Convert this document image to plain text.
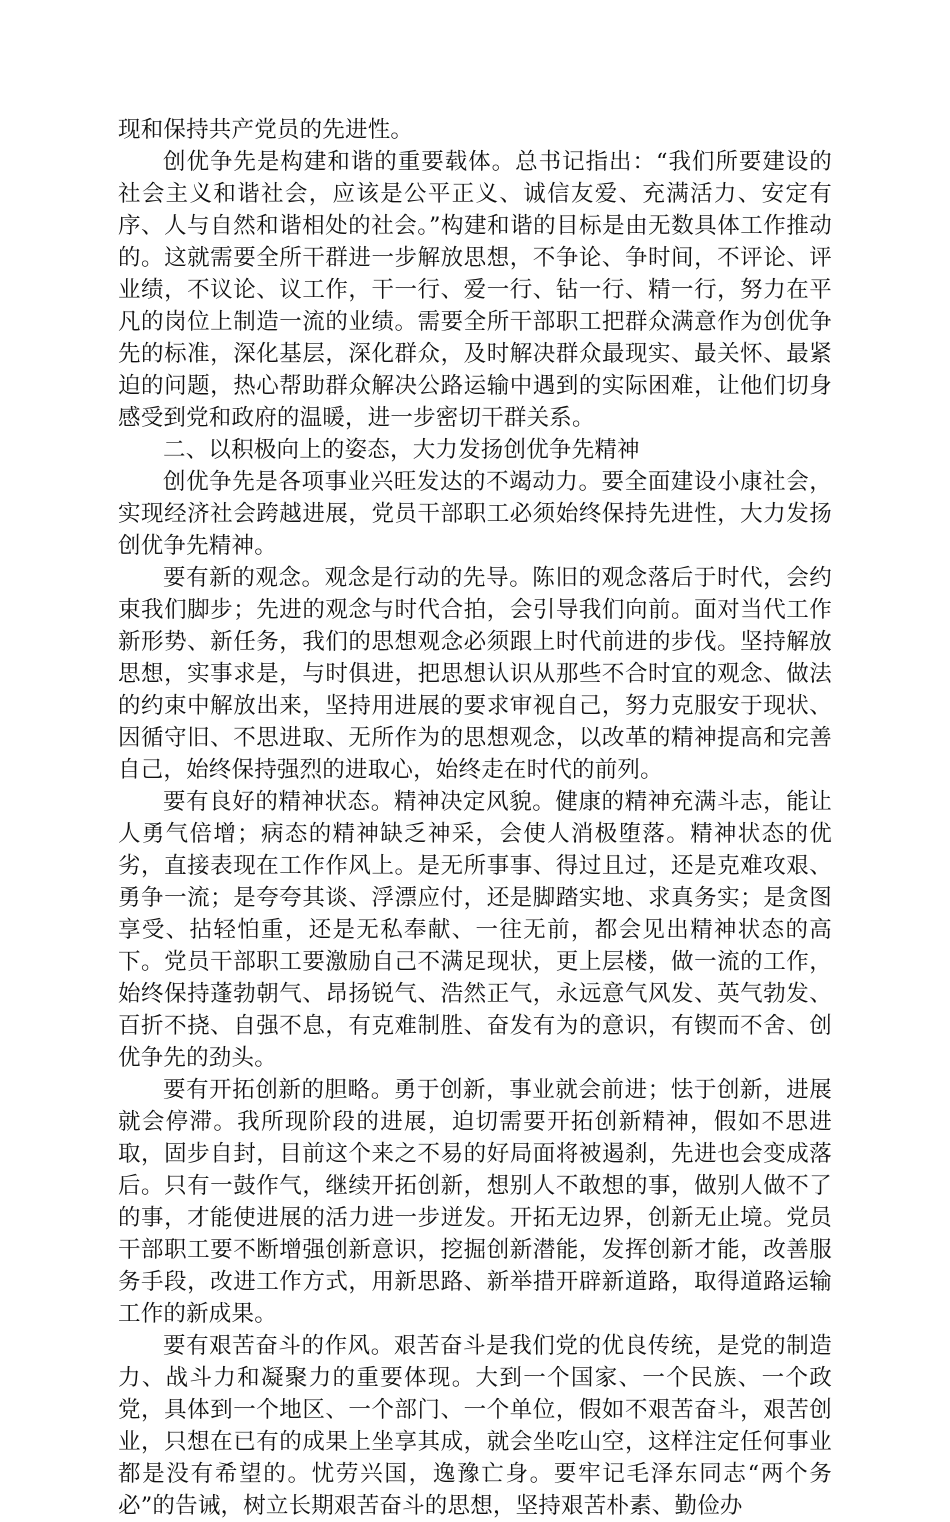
现和保持共产党员的先进性。

创优争先是构建和谐的重要载体。总书记指出：“我们所要建设的社会主义和谐社会，应该是公平正义、诚信友爱、充满活力、安定有序、人与自然和谐相处的社会。”构建和谐的目标是由无数具体工作推动的。这就需要全所干群进一步解放思想，不争论、争时间，不评论、评业绩，不议论、议工作，干一行、爱一行、钻一行、精一行，努力在平凡的岗位上制造一流的业绩。需要全所干部职工把群众满意作为创优争先的标准，深化基层，深化群众，及时解决群众最现实、最关怀、最紧迫的问题，热心帮助群众解决公路运输中遇到的实际困难，让他们切身感受到党和政府的温暖，进一步密切干群关系。

二、以积极向上的姿态，大力发扬创优争先精神

创优争先是各项事业兴旺发达的不竭动力。要全面建设小康社会，实现经济社会跨越进展，党员干部职工必须始终保持先进性，大力发扬创优争先精神。

要有新的观念。观念是行动的先导。陈旧的观念落后于时代，会约束我们脚步；先进的观念与时代合拍，会引导我们向前。面对当代工作新形势、新任务，我们的思想观念必须跟上时代前进的步伐。坚持解放思想，实事求是，与时俱进，把思想认识从那些不合时宜的观念、做法的约束中解放出来，坚持用进展的要求审视自己，努力克服安于现状、因循守旧、不思进取、无所作为的思想观念，以改革的精神提高和完善自己，始终保持强烈的进取心，始终走在时代的前列。

要有良好的精神状态。精神决定风貌。健康的精神充满斗志，能让人勇气倍增；病态的精神缺乏神采，会使人消极堕落。精神状态的优劣，直接表现在工作作风上。是无所事事、得过且过，还是克难攻艰、勇争一流；是夸夸其谈、浮漂应付，还是脚踏实地、求真务实；是贪图享受、拈轻怕重，还是无私奉献、一往无前，都会见出精神状态的高下。党员干部职工要激励自己不满足现状，更上层楼，做一流的工作，始终保持蓬勃朝气、昂扬锐气、浩然正气，永远意气风发、英气勃发、百折不挠、自强不息，有克难制胜、奋发有为的意识，有锲而不舍、创优争先的劲头。

要有开拓创新的胆略。勇于创新，事业就会前进；怯于创新，进展就会停滞。我所现阶段的进展，迫切需要开拓创新精神，假如不思进取，固步自封，目前这个来之不易的好局面将被遏刹，先进也会变成落后。只有一鼓作气，继续开拓创新，想别人不敢想的事，做别人做不了的事，才能使进展的活力进一步迸发。开拓无边界，创新无止境。党员干部职工要不断增强创新意识，挖掘创新潜能，发挥创新才能，改善服务手段，改进工作方式，用新思路、新举措开辟新道路，取得道路运输工作的新成果。

要有艰苦奋斗的作风。艰苦奋斗是我们党的优良传统，是党的制造力、战斗力和凝聚力的重要体现。大到一个国家、一个民族、一个政党，具体到一个地区、一个部门、一个单位，假如不艰苦奋斗，艰苦创业，只想在已有的成果上坐享其成，就会坐吃山空，这样注定任何事业都是没有希望的。忧劳兴国，逸豫亡身。要牢记毛泽东同志“两个务必”的告诫，树立长期艰苦奋斗的思想，坚持艰苦朴素、勤俭办
